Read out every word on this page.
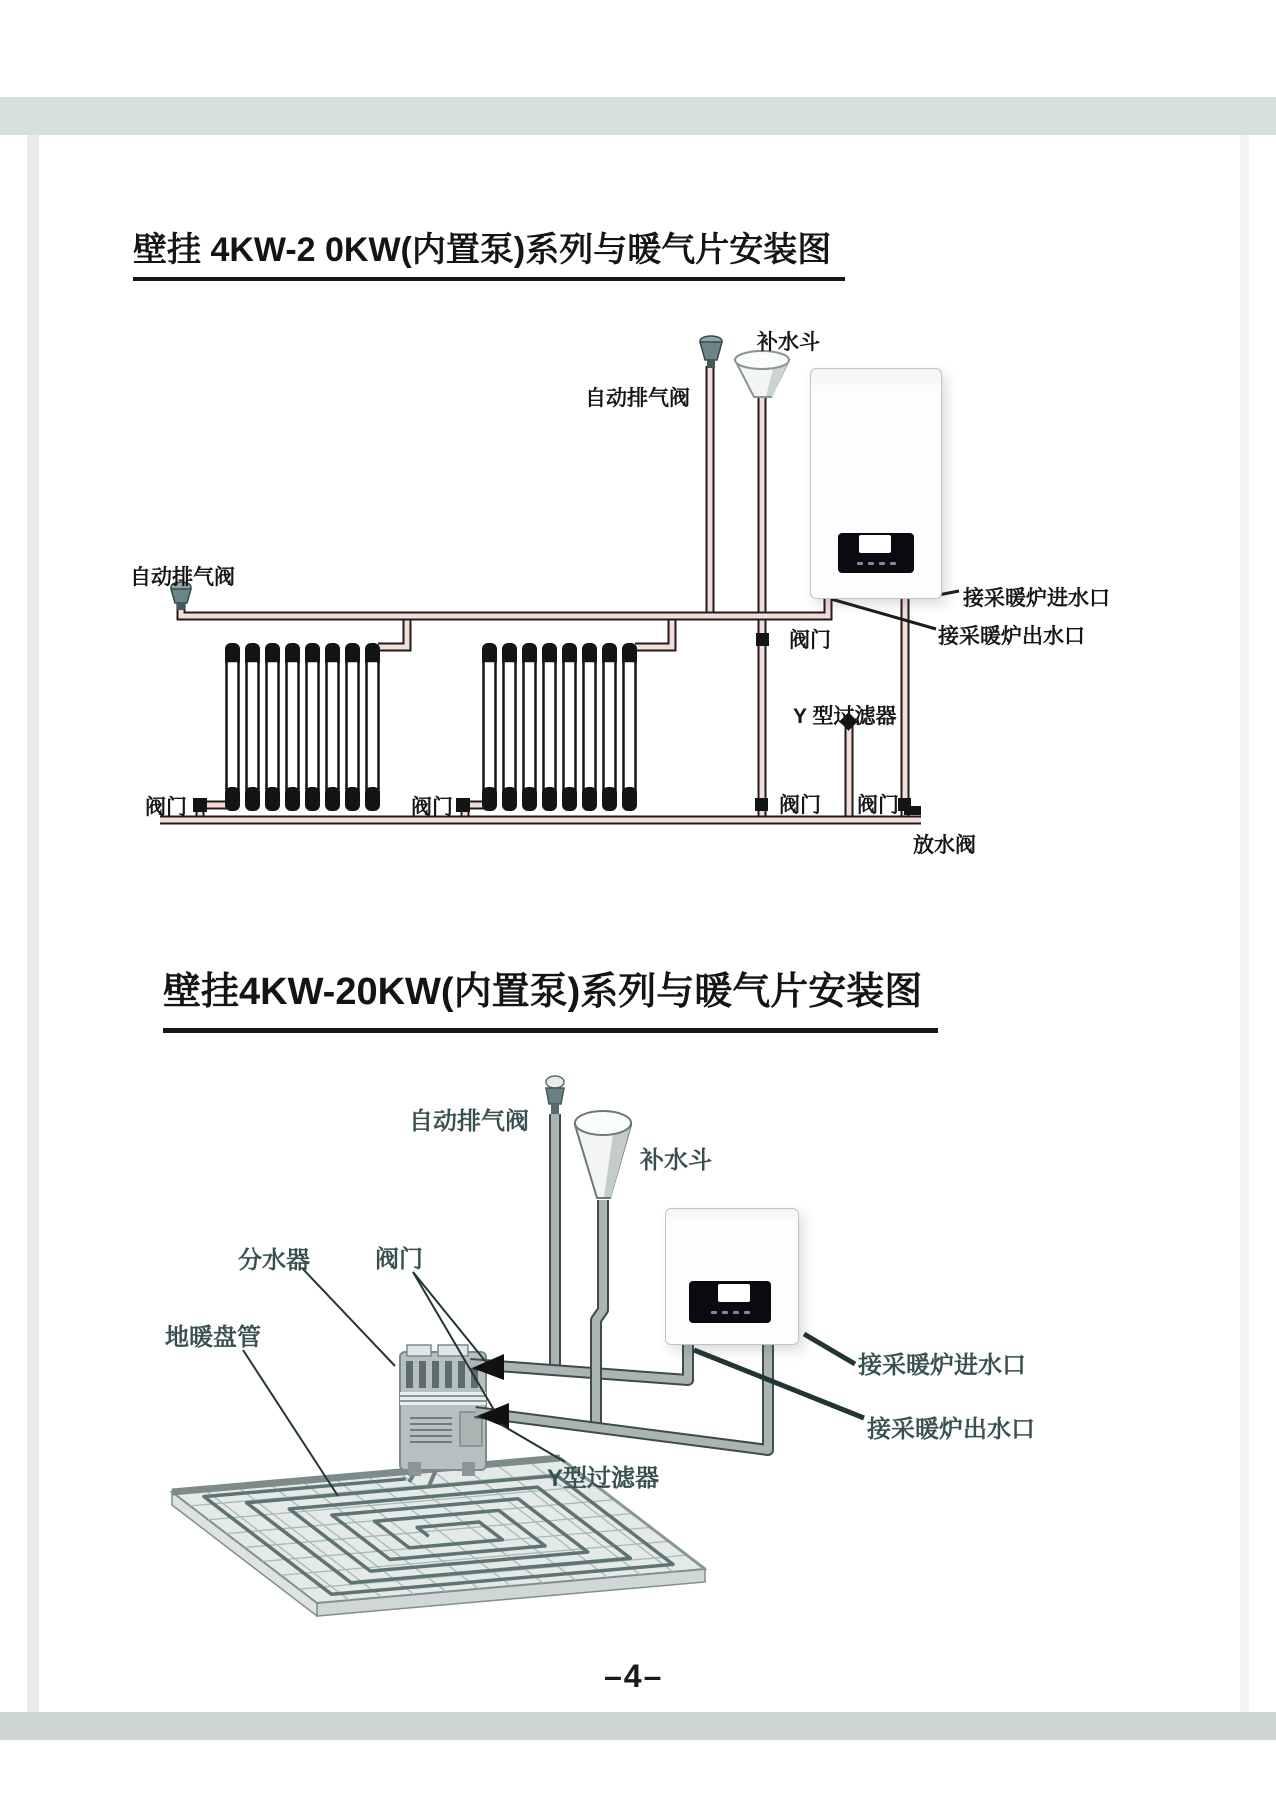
壁挂 4KW-2 0KW(内置泵)系列与暖气片安装图
壁挂4KW-20KW(内置泵)系列与暖气片安装图
补水斗
自动排气阀
自动排气阀
接采暖炉进水口
接采暖炉出水口
阀门
Y 型过滤器
阀门	阀门	阀门 阀门
放水阀
自动排气阀
补水斗
分水器	阀门
地暖盘管
Y型过滤器
接采暖炉进水口
接采暖炉出水口
–4–
